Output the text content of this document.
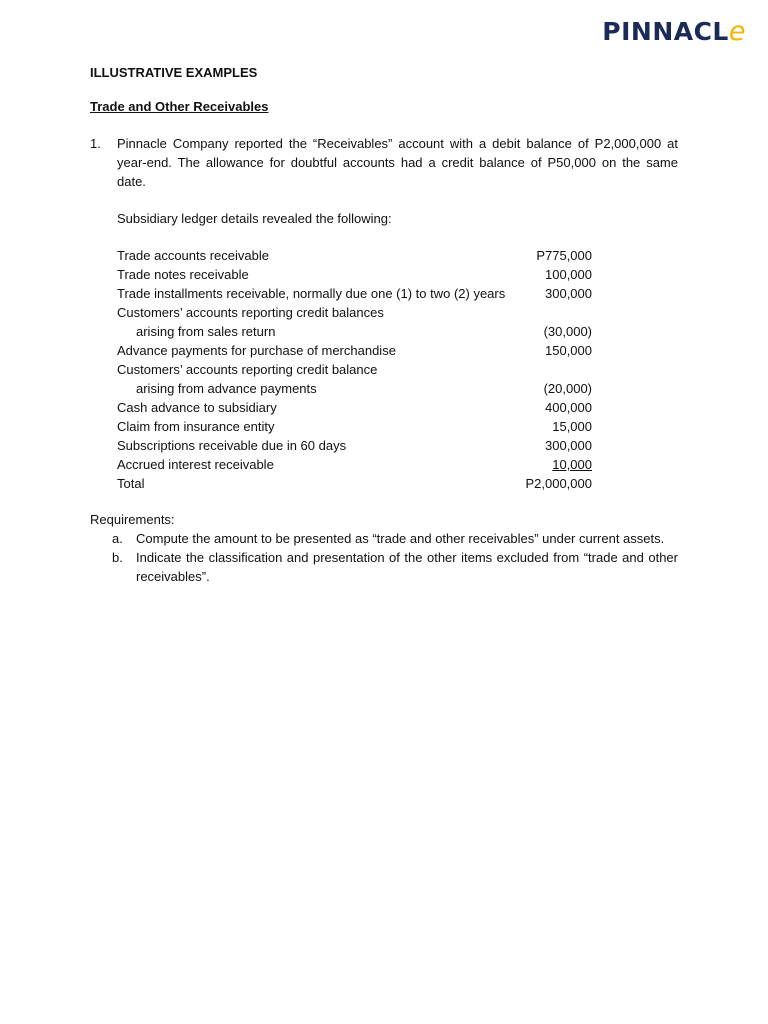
PINNACLe
ILLUSTRATIVE EXAMPLES
Trade and Other Receivables
1.	Pinnacle Company reported the “Receivables” account with a debit balance of P2,000,000 at year-end. The allowance for doubtful accounts had a credit balance of P50,000 on the same date.
Subsidiary ledger details revealed the following:
Trade accounts receivable	P775,000
Trade notes receivable	100,000
Trade installments receivable, normally due one (1) to two (2) years	300,000
Customers’ accounts reporting credit balances
arising from sales return	(30,000)
Advance payments for purchase of merchandise	150,000
Customers’ accounts reporting credit balance
arising from advance payments	(20,000)
Cash advance to subsidiary	400,000
Claim from insurance entity	15,000
Subscriptions receivable due in 60 days	300,000
Accrued interest receivable	10,000
Total	P2,000,000
Requirements:
a.	Compute the amount to be presented as “trade and other receivables” under current assets.
b.	Indicate the classification and presentation of the other items excluded from “trade and other receivables”.
